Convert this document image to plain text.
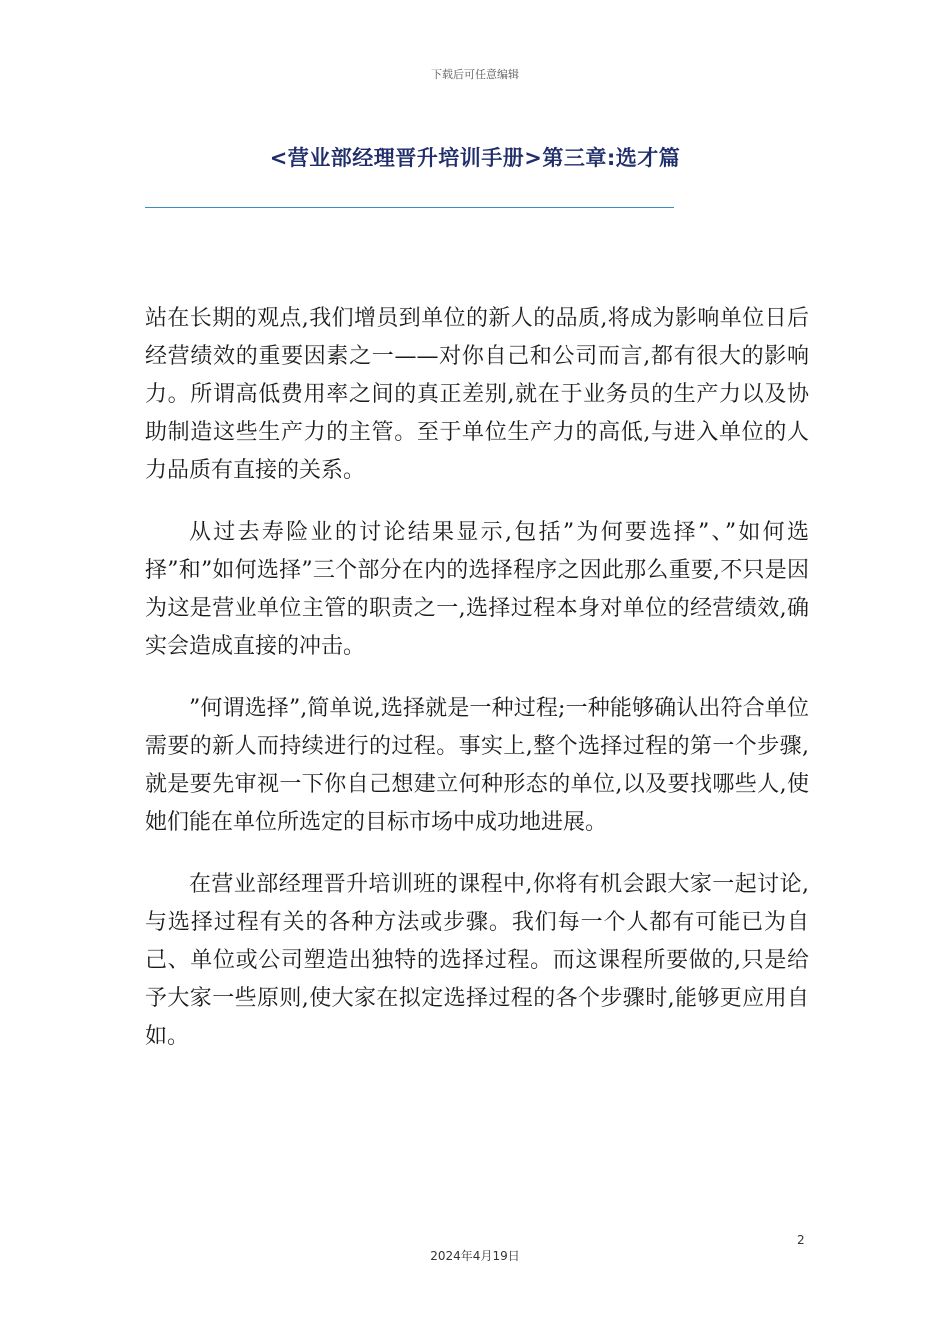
下载后可任意编辑
<营业部经理晋升培训手册>第三章:选才篇

站在长期的观点,我们增员到单位的新人的品质,将成为影响单位日后经营绩效的重要因素之一——对你自己和公司而言,都有很大的影响力。所谓高低费用率之间的真正差别,就在于业务员的生产力以及协助制造这些生产力的主管。至于单位生产力的高低,与进入单位的人力品质有直接的关系。

从过去寿险业的讨论结果显示,包括”为何要选择”、”如何选择”和”如何选择”三个部分在内的选择程序之因此那么重要,不只是因为这是营业单位主管的职责之一,选择过程本身对单位的经营绩效,确实会造成直接的冲击。

”何谓选择”,简单说,选择就是一种过程;一种能够确认出符合单位需要的新人而持续进行的过程。事实上,整个选择过程的第一个步骤,就是要先审视一下你自己想建立何种形态的单位,以及要找哪些人,使她们能在单位所选定的目标市场中成功地进展。

在营业部经理晋升培训班的课程中,你将有机会跟大家一起讨论,与选择过程有关的各种方法或步骤。我们每一个人都有可能已为自己、单位或公司塑造出独特的选择过程。而这课程所要做的,只是给予大家一些原则,使大家在拟定选择过程的各个步骤时,能够更应用自如。

2
2024年4月19日
